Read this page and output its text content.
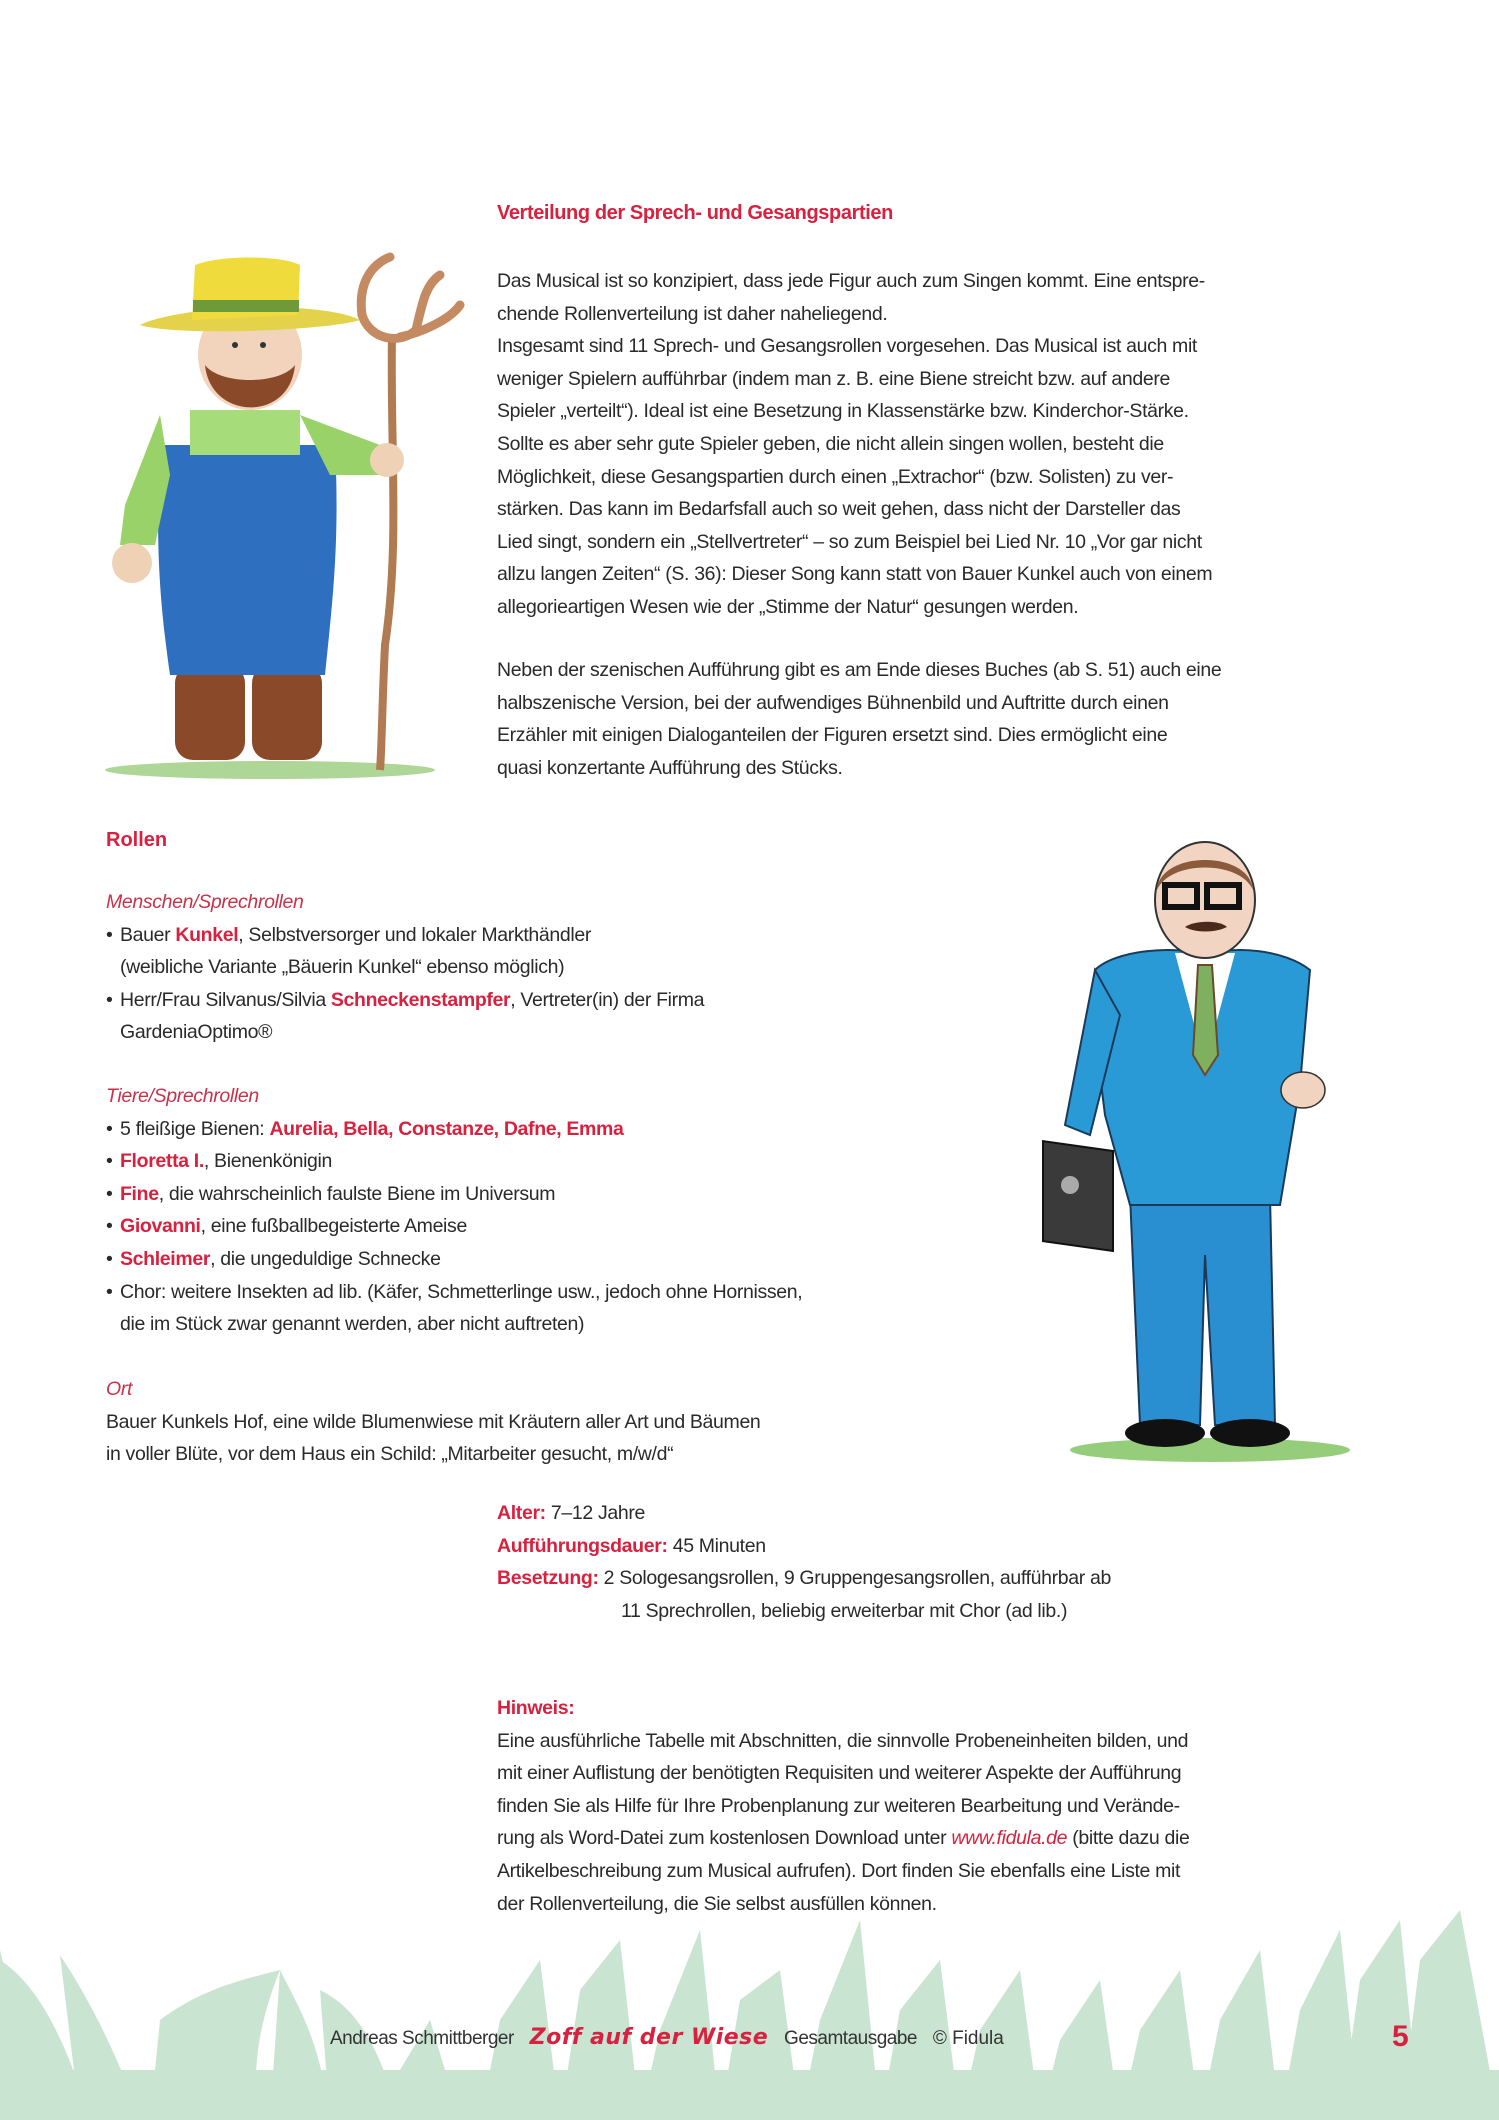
Verteilung der Sprech- und Gesangspartien
Das Musical ist so konzipiert, dass jede Figur auch zum Singen kommt. Eine entspre-
chende Rollenverteilung ist daher naheliegend.
Insgesamt sind 11 Sprech- und Gesangsrollen vorgesehen. Das Musical ist auch mit
weniger Spielern aufführbar (indem man z. B. eine Biene streicht bzw. auf andere
Spieler „verteilt“). Ideal ist eine Besetzung in Klassenstärke bzw. Kinderchor-Stärke.
Sollte es aber sehr gute Spieler geben, die nicht allein singen wollen, besteht die
Möglichkeit, diese Gesangspartien durch einen „Extrachor“ (bzw. Solisten) zu ver-
stärken. Das kann im Bedarfsfall auch so weit gehen, dass nicht der Darsteller das
Lied singt, sondern ein „Stellvertreter“ – so zum Beispiel bei Lied Nr. 10 „Vor gar nicht
allzu langen Zeiten“ (S. 36): Dieser Song kann statt von Bauer Kunkel auch von einem
allegorieartigen Wesen wie der „Stimme der Natur“ gesungen werden.
Neben der szenischen Aufführung gibt es am Ende dieses Buches (ab S. 51) auch eine
halbszenische Version, bei der aufwendiges Bühnenbild und Auftritte durch einen
Erzähler mit einigen Dialoganteilen der Figuren ersetzt sind. Dies ermöglicht eine
quasi konzertante Aufführung des Stücks.
Rollen
Menschen/Sprechrollen
• Bauer Kunkel, Selbstversorger und lokaler Markthändler
(weibliche Variante „Bäuerin Kunkel“ ebenso möglich)
• Herr/Frau Silvanus/Silvia Schneckenstampfer, Vertreter(in) der Firma
GardeniaOptimo®
Tiere/Sprechrollen
• 5 fleißige Bienen: Aurelia, Bella, Constanze, Dafne, Emma
• Floretta I., Bienenkönigin
• Fine, die wahrscheinlich faulste Biene im Universum
• Giovanni, eine fußballbegeisterte Ameise
• Schleimer, die ungeduldige Schnecke
• Chor: weitere Insekten ad lib. (Käfer, Schmetterlinge usw., jedoch ohne Hornissen,
die im Stück zwar genannt werden, aber nicht auftreten)
Ort
Bauer Kunkels Hof, eine wilde Blumenwiese mit Kräutern aller Art und Bäumen
in voller Blüte, vor dem Haus ein Schild: „Mitarbeiter gesucht, m/w/d“
Alter: 7–12 Jahre
Aufführungsdauer: 45 Minuten
Besetzung: 2 Sologesangsrollen, 9 Gruppengesangsrollen, aufführbar ab
11 Sprechrollen, beliebig erweiterbar mit Chor (ad lib.)
Hinweis:
Eine ausführliche Tabelle mit Abschnitten, die sinnvolle Probeneinheiten bilden, und
mit einer Auflistung der benötigten Requisiten und weiterer Aspekte der Aufführung
finden Sie als Hilfe für Ihre Probenplanung zur weiteren Bearbeitung und Verände-
rung als Word-Datei zum kostenlosen Download unter www.fidula.de (bitte dazu die
Artikelbeschreibung zum Musical aufrufen). Dort finden Sie ebenfalls eine Liste mit
der Rollenverteilung, die Sie selbst ausfüllen können.
Andreas Schmittberger Zoff auf der Wiese Gesamtausgabe © Fidula	5
